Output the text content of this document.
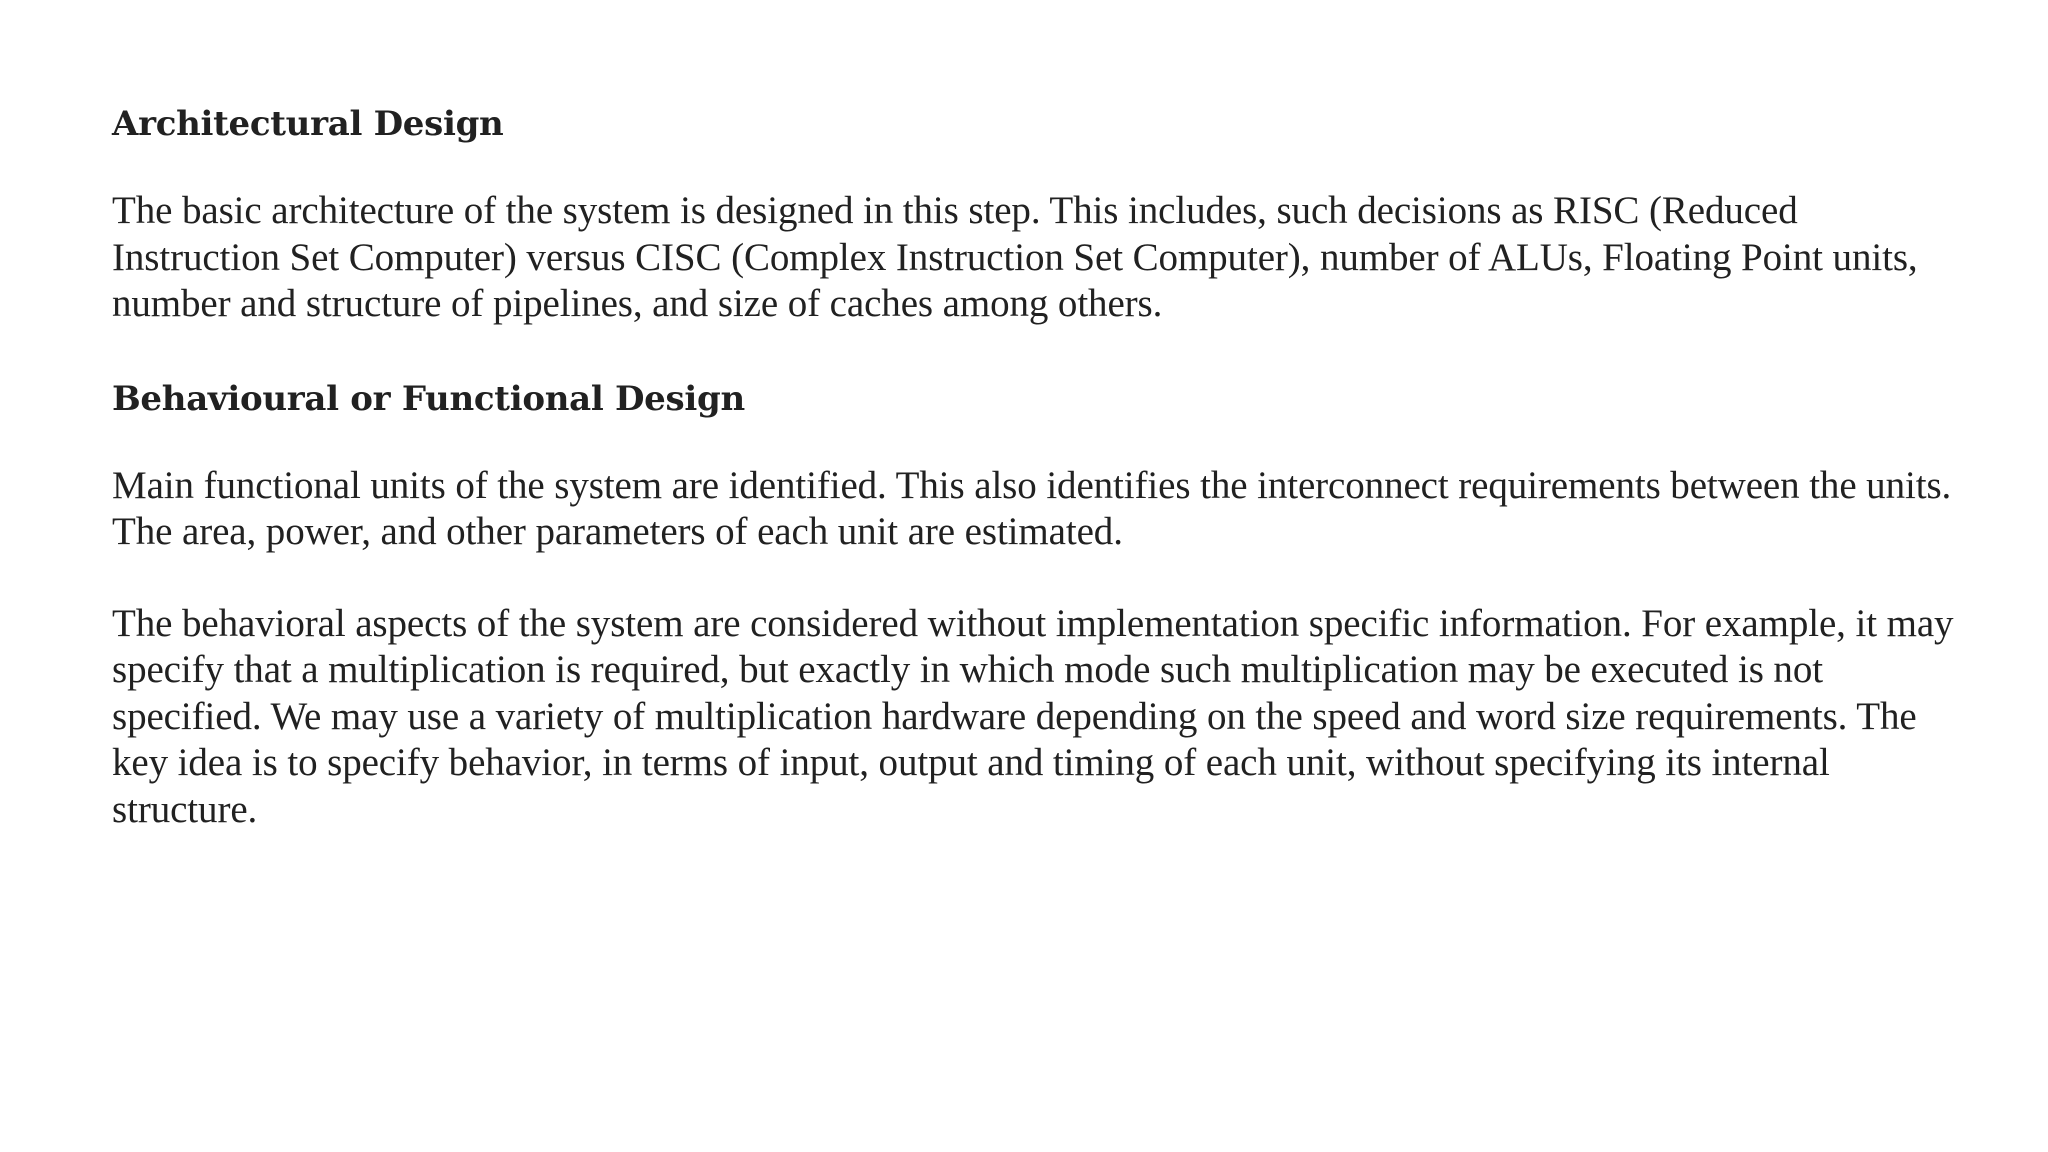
Architectural Design

The basic architecture of the system is designed in this step. This includes, such decisions as RISC (Reduced Instruction Set Computer) versus CISC (Complex Instruction Set Computer), number of ALUs, Floating Point units, number and structure of pipelines, and size of caches among others.

Behavioural or Functional Design

Main functional units of the system are identified. This also identifies the interconnect requirements between the units. The area, power, and other parameters of each unit are estimated.

The behavioral aspects of the system are considered without implementation specific information. For example, it may specify that a multiplication is required, but exactly in which mode such multiplication may be executed is not specified. We may use a variety of multiplication hardware depending on the speed and word size requirements. The key idea is to specify behavior, in terms of input, output and timing of each unit, without specifying its internal structure.
